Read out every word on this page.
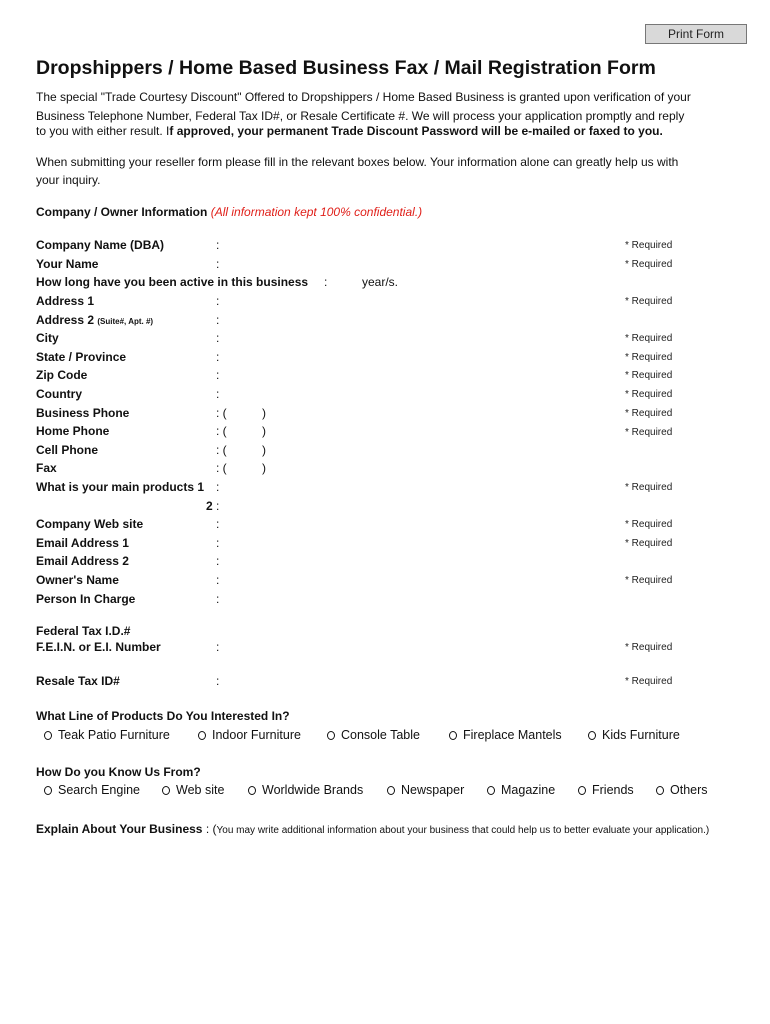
Print Form
Dropshippers / Home Based Business Fax / Mail Registration Form
The special "Trade Courtesy Discount" Offered to Dropshippers / Home Based Business is granted upon verification of your
Business Telephone Number, Federal Tax ID#, or Resale Certificate #. We will process your application promptly and reply
to you with either result. If approved, your permanent Trade Discount Password will be e-mailed or faxed to you.
When submitting your reseller form please fill in the relevant boxes below. Your information alone can greatly help us with
your inquiry.
Company / Owner Information (All information kept 100% confidential.)
Company Name (DBA)	:	* Required
Your Name	:	* Required
How long have you been active in this business :	year/s.
Address 1	:	* Required
Address 2 (Suite#, Apt. #)	:
City	:	* Required
State / Province	:	* Required
Zip Code	:	* Required
Country	:	* Required
Business Phone	: (	)	* Required
Home Phone	: (	)	* Required
Cell Phone	: (	)
Fax	: (	)
What is your main products 1 :	* Required
2 :
Company Web site	:	* Required
Email Address 1	:	* Required
Email Address 2	:
Owner's Name	:	* Required
Person In Charge	:
Federal Tax I.D.#
F.E.I.N. or E.I. Number	:	* Required
Resale Tax ID#	:	* Required
What Line of Products Do You Interested In?
Teak Patio Furniture	Indoor Furniture	Console Table	Fireplace Mantels	Kids Furniture
How Do you Know Us From?
Search Engine	Web site	Worldwide Brands	Newspaper	Magazine	Friends	Others
Explain About Your Business : (You may write additional information about your business that could help us to better evaluate your application.)
